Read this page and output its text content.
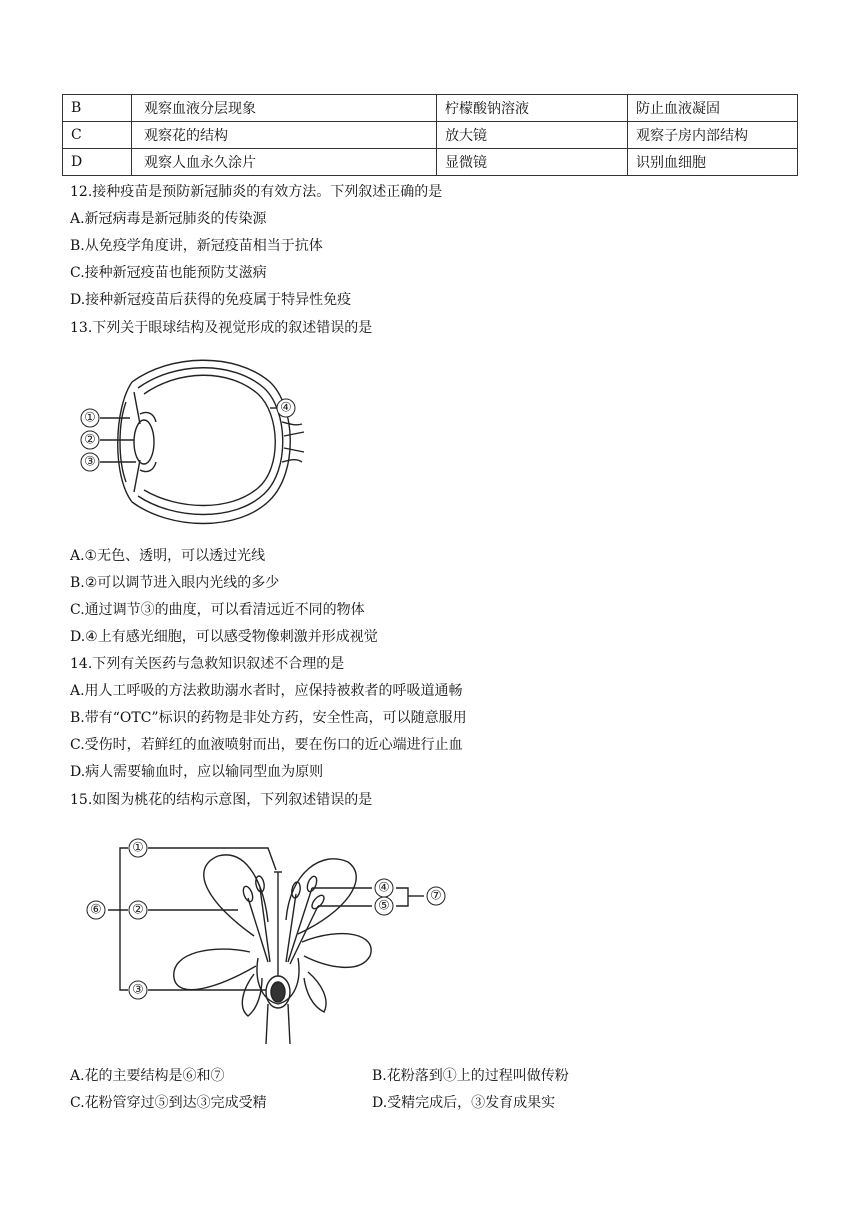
B	观察血液分层现象	柠檬酸钠溶液	防止血液凝固
C	观察花的结构	放大镜	观察子房内部结构
D	观察人血永久涂片	显微镜	识别血细胞
12.接种疫苗是预防新冠肺炎的有效方法。下列叙述正确的是
A.新冠病毒是新冠肺炎的传染源
B.从免疫学角度讲，新冠疫苗相当于抗体
C.接种新冠疫苗也能预防艾滋病
D.接种新冠疫苗后获得的免疫属于特异性免疫
13.下列关于眼球结构及视觉形成的叙述错误的是
①
②
③
④
A.①无色、透明，可以透过光线
B.②可以调节进入眼内光线的多少
C.通过调节③的曲度，可以看清远近不同的物体
D.④上有感光细胞，可以感受物像刺激并形成视觉
14.下列有关医药与急救知识叙述不合理的是
A.用人工呼吸的方法救助溺水者时，应保持被救者的呼吸道通畅
B.带有“OTC”标识的药物是非处方药，安全性高，可以随意服用
C.受伤时，若鲜红的血液喷射而出，要在伤口的近心端进行止血
D.病人需要输血时，应以输同型血为原则
15.如图为桃花的结构示意图，下列叙述错误的是
①
②
③
④
⑤
⑥
⑦
A.花的主要结构是⑥和⑦	B.花粉落到①上的过程叫做传粉
C.花粉管穿过⑤到达③完成受精	D.受精完成后，③发育成果实
